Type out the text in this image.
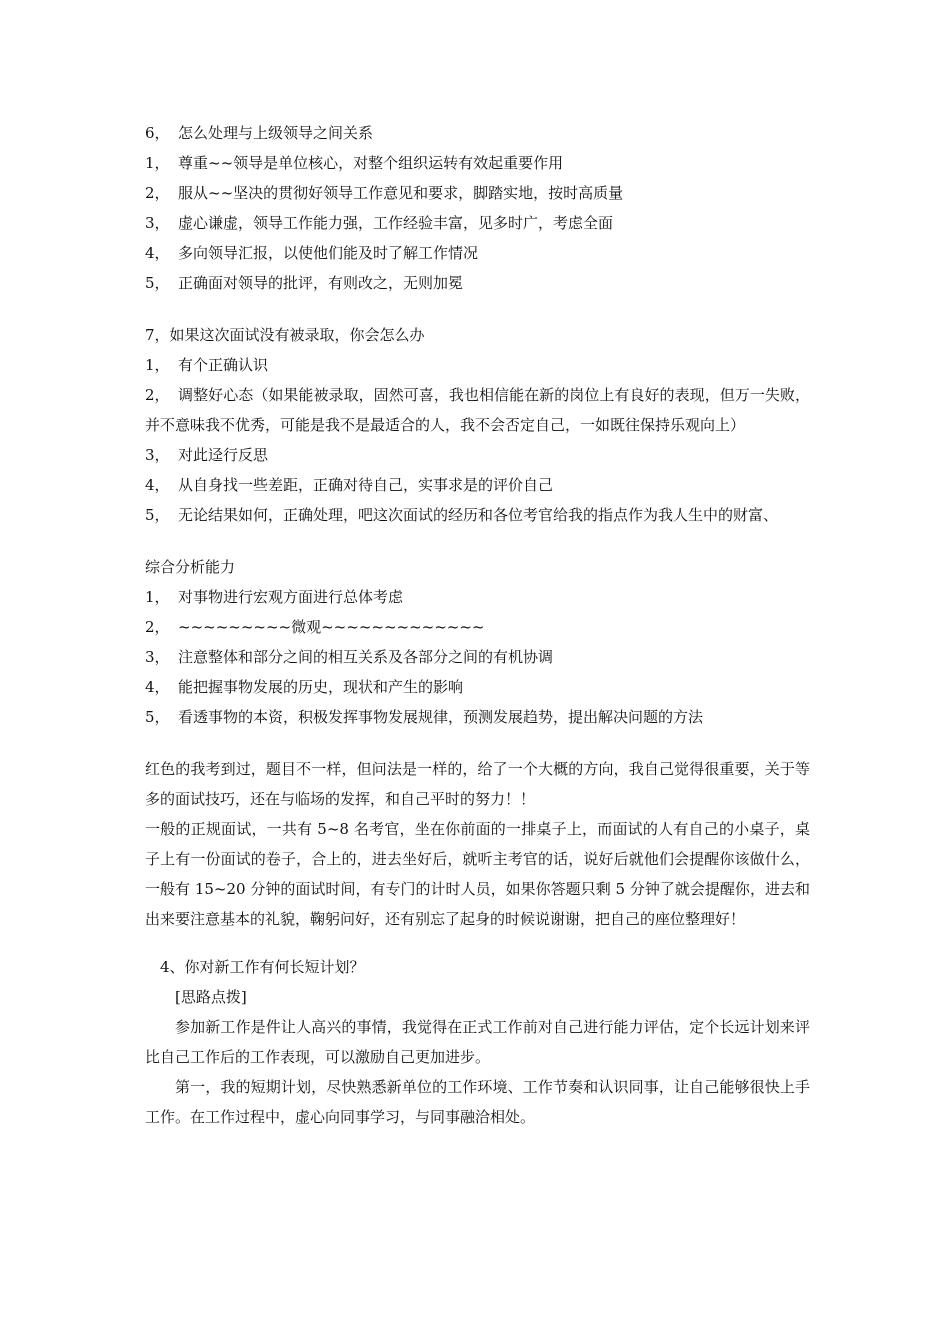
6， 怎么处理与上级领导之间关系
1， 尊重~~领导是单位核心，对整个组织运转有效起重要作用
2， 服从~~坚决的贯彻好领导工作意见和要求，脚踏实地，按时高质量
3， 虚心谦虚，领导工作能力强，工作经验丰富，见多时广，考虑全面
4， 多向领导汇报，以使他们能及时了解工作情况
5， 正确面对领导的批评，有则改之，无则加冕
7，如果这次面试没有被录取，你会怎么办
1， 有个正确认识
2， 调整好心态（如果能被录取，固然可喜，我也相信能在新的岗位上有良好的表现，但万一失败，并不意味我不优秀，可能是我不是最适合的人，我不会否定自己，一如既往保持乐观向上）
3， 对此迳行反思
4， 从自身找一些差距，正确对待自己，实事求是的评价自己
5， 无论结果如何，正确处理，吧这次面试的经历和各位考官给我的指点作为我人生中的财富、
综合分析能力
1， 对事物进行宏观方面进行总体考虑
2， ~~~~~~~~~微观~~~~~~~~~~~~~
3， 注意整体和部分之间的相互关系及各部分之间的有机协调
4， 能把握事物发展的历史，现状和产生的影响
5， 看透事物的本资，积极发挥事物发展规律，预测发展趋势，提出解决问题的方法
红色的我考到过，题目不一样，但问法是一样的，给了一个大概的方向，我自己觉得很重要，关于等多的面试技巧，还在与临场的发挥，和自己平时的努力！！
一般的正规面试，一共有 5~8 名考官，坐在你前面的一排桌子上，而面试的人有自己的小桌子，桌子上有一份面试的卷子，合上的，进去坐好后，就听主考官的话，说好后就他们会提醒你该做什么，一般有 15~20 分钟的面试时间，有专门的计时人员，如果你答题只剩 5 分钟了就会提醒你，进去和出来要注意基本的礼貌，鞠躬问好，还有别忘了起身的时候说谢谢，把自己的座位整理好！
4、你对新工作有何长短计划？
[思路点拨]
参加新工作是件让人高兴的事情，我觉得在正式工作前对自己进行能力评估，定个长远计划来评比自己工作后的工作表现，可以激励自己更加进步。
第一，我的短期计划，尽快熟悉新单位的工作环境、工作节奏和认识同事，让自己能够很快上手工作。在工作过程中，虚心向同事学习，与同事融洽相处。
